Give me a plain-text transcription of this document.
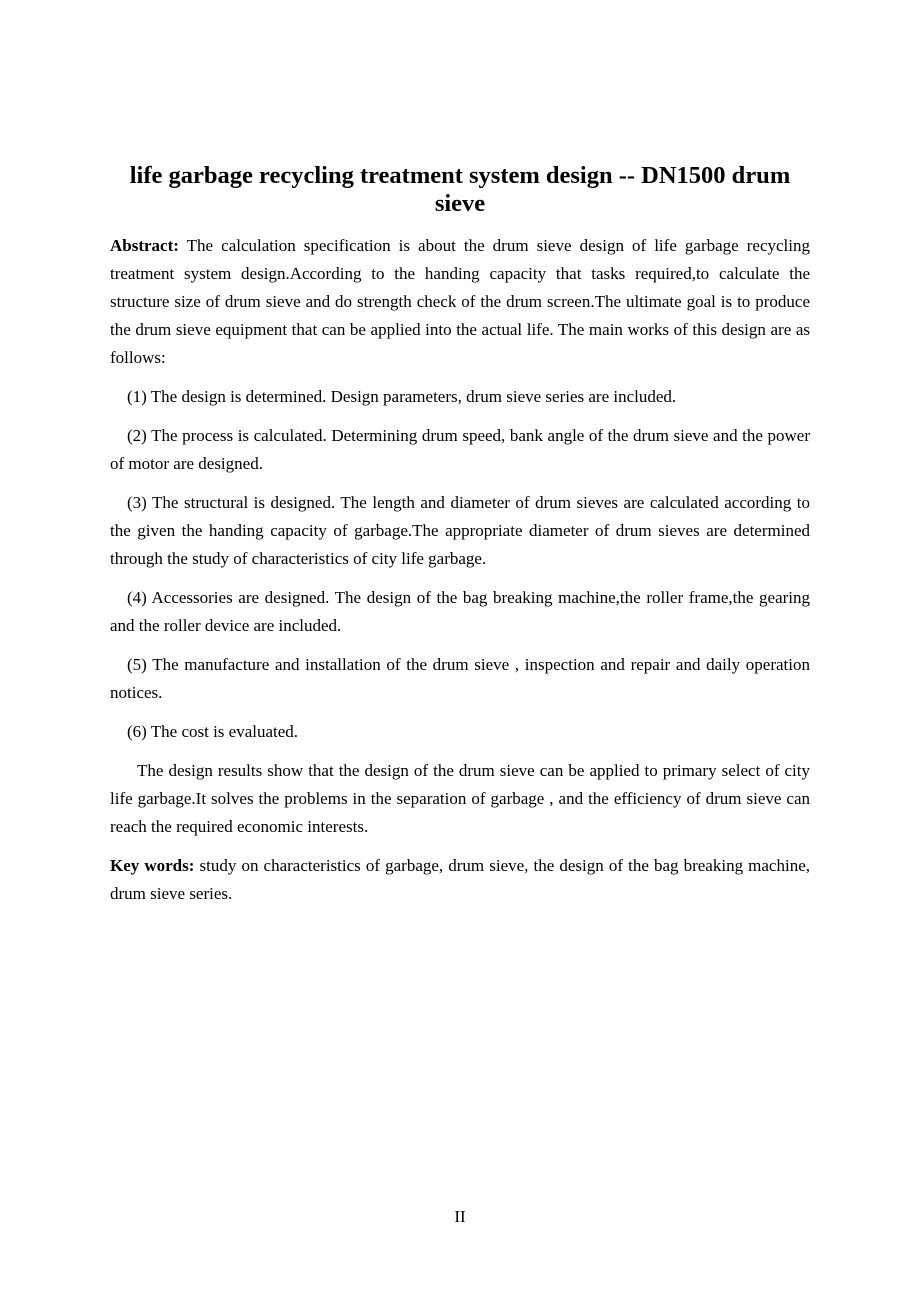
life garbage recycling treatment system design -- DN1500 drum sieve

Abstract: The calculation specification is about the drum sieve design of life garbage recycling treatment system design.According to the handing capacity that tasks required,to calculate the structure size of drum sieve and do strength check of the drum screen.The ultimate goal is to produce the drum sieve equipment that can be applied into the actual life. The main works of this design are as follows:

(1) The design is determined. Design parameters, drum sieve series are included.

(2) The process is calculated. Determining drum speed, bank angle of the drum sieve and the power of motor are designed.

(3) The structural is designed. The length and diameter of drum sieves are calculated according to the given the handing capacity of garbage.The appropriate diameter of drum sieves are determined through the study of characteristics of city life garbage.

(4) Accessories are designed. The design of the bag breaking machine,the roller frame,the gearing and the roller device are included.

(5) The manufacture and installation of the drum sieve , inspection and repair and daily operation notices.

(6) The cost is evaluated.

The design results show that the design of the drum sieve can be applied to primary select of city life garbage.It solves the problems in the separation of garbage , and the efficiency of drum sieve can reach the required economic interests.

Key words: study on characteristics of garbage, drum sieve, the design of the bag breaking machine, drum sieve series.

II
